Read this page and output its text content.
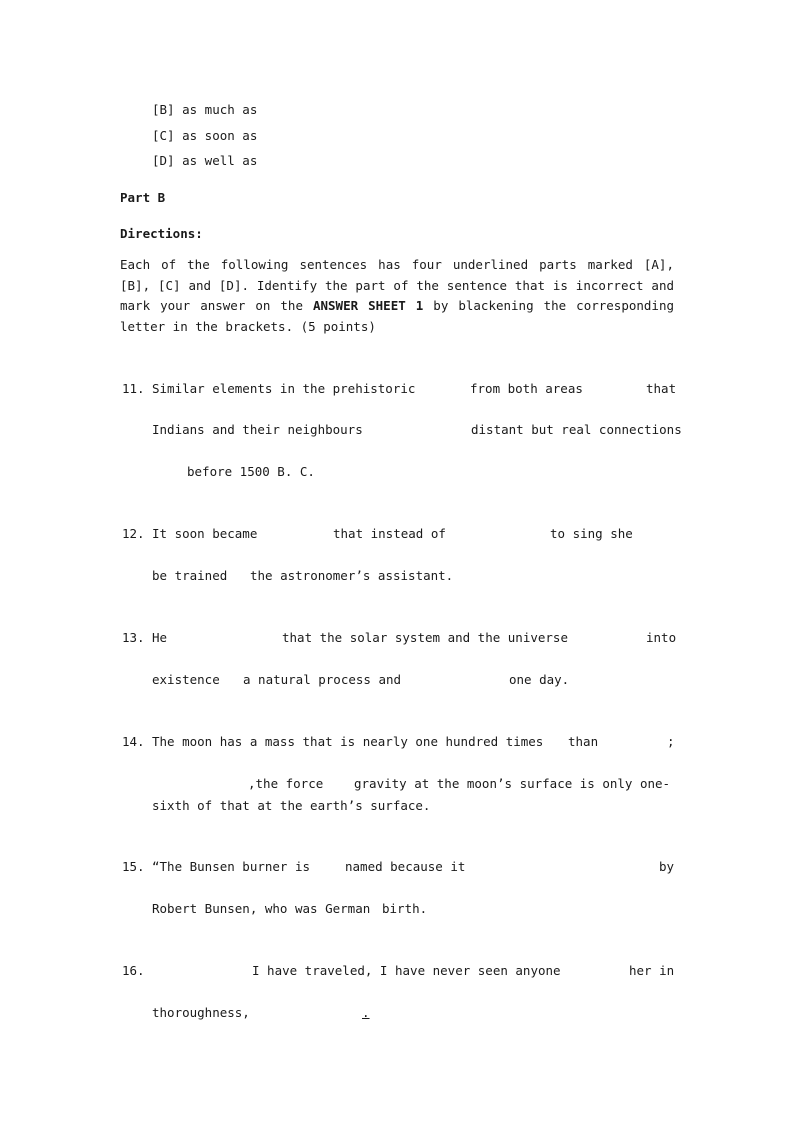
[B] as much as
[C] as soon as
[D] as well as
Part B
Directions:
Each of the following sentences has four underlined parts marked [A], [B], [C] and [D]. Identify the part of the sentence that is incorrect and mark your answer on the ANSWER SHEET 1 by blackening the corresponding letter in the brackets. (5 points)
11. Similar elements in the prehistoric	from both areas	that
Indians and their neighbours	distant but real connections
before 1500 B. C.
12. It soon became	that instead of	to sing she
be trained the astronomer’s assistant.
13. He	that the solar system and the universe	into
existence a natural process and	one day.
14. The moon has a mass that is nearly one hundred times than	;
,the force gravity at the moon’s surface is only one-
sixth of that at the earth’s surface.
15. “The Bunsen burner is	named because it	by
Robert Bunsen, who was German birth.
16.	I have traveled, I have never seen anyone	her in
thoroughness,	.
